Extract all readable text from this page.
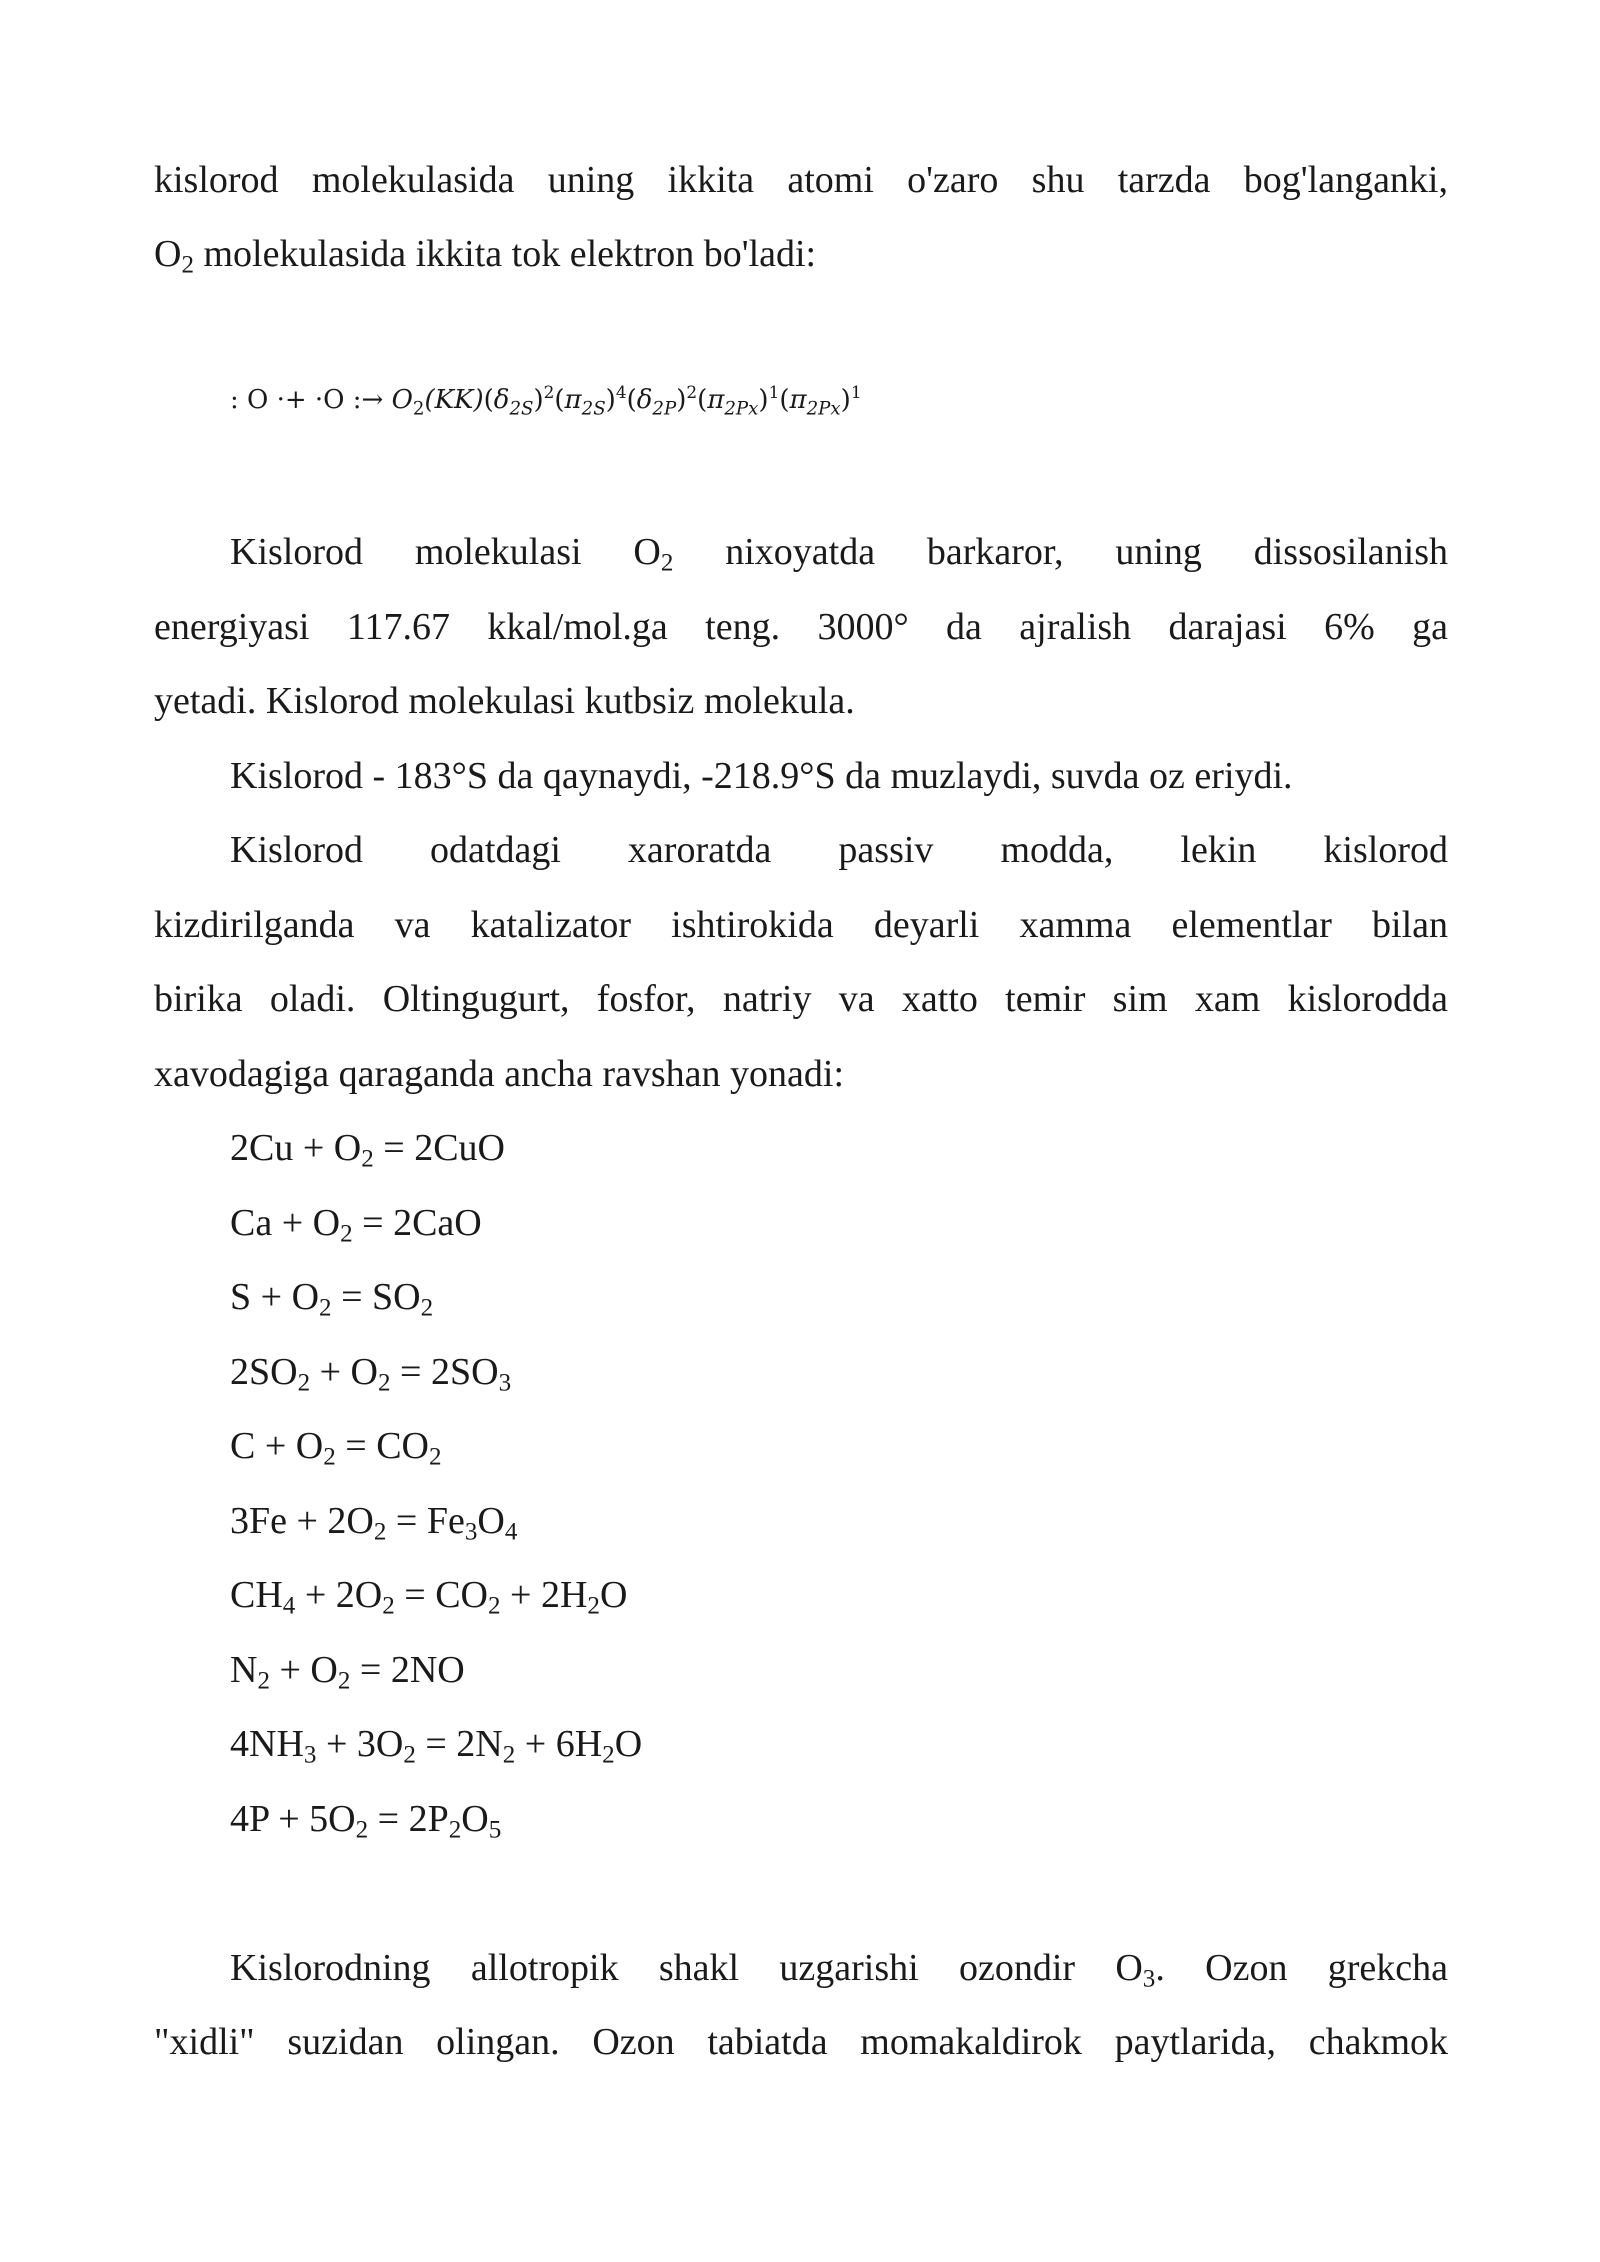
kislorod molekulasida uning ikkita atomi o'zaro shu tarzda bog'langanki,
$O_2$ molekulasida ikkita tok elektron bo'ladi:
: O ·+ ·O :→ $O_2(KK)(\delta_{2S})^2(\pi_{2S})^4(\delta_{2P})^2(\pi_{2Px})^1(\pi_{2Px})^1$
Kislorod molekulasi $O_2$ nixoyatda barkaror, uning dissosilanish
energiyasi 117.67 kkal/mol.ga teng. 3000° da ajralish darajasi 6% ga
yetadi. Kislorod molekulasi kutbsiz molekula.
Kislorod - 183°S da qaynaydi, -218.9°S da muzlaydi, suvda oz eriydi.
Kislorod odatdagi xaroratda passiv modda, lekin kislorod
kizdirilganda va katalizator ishtirokida deyarli xamma elementlar bilan
birika oladi. Oltingugurt, fosfor, natriy va xatto temir sim xam kislorodda
xavodagiga qaraganda ancha ravshan yonadi:
$2Cu + O_2 = 2CuO$
$Ca + O_2 = 2CaO$
$S + O_2 = SO_2$
$2SO_2 + O_2 = 2SO_3$
$C + O_2 = CO_2$
$3Fe + 2O_2 = Fe_3O_4$
$CH_4 + 2O_2 = CO_2 + 2H_2O$
$N_2 + O_2 = 2NO$
$4NH_3 + 3O_2 = 2N_2 + 6H_2O$
$4P + 5O_2 = 2P_2O_5$
Kislorodning allotropik shakl uzgarishi ozondir $O_3$. Ozon grekcha
"xidli" suzidan olingan. Ozon tabiatda momakaldirok paytlarida, chakmok
